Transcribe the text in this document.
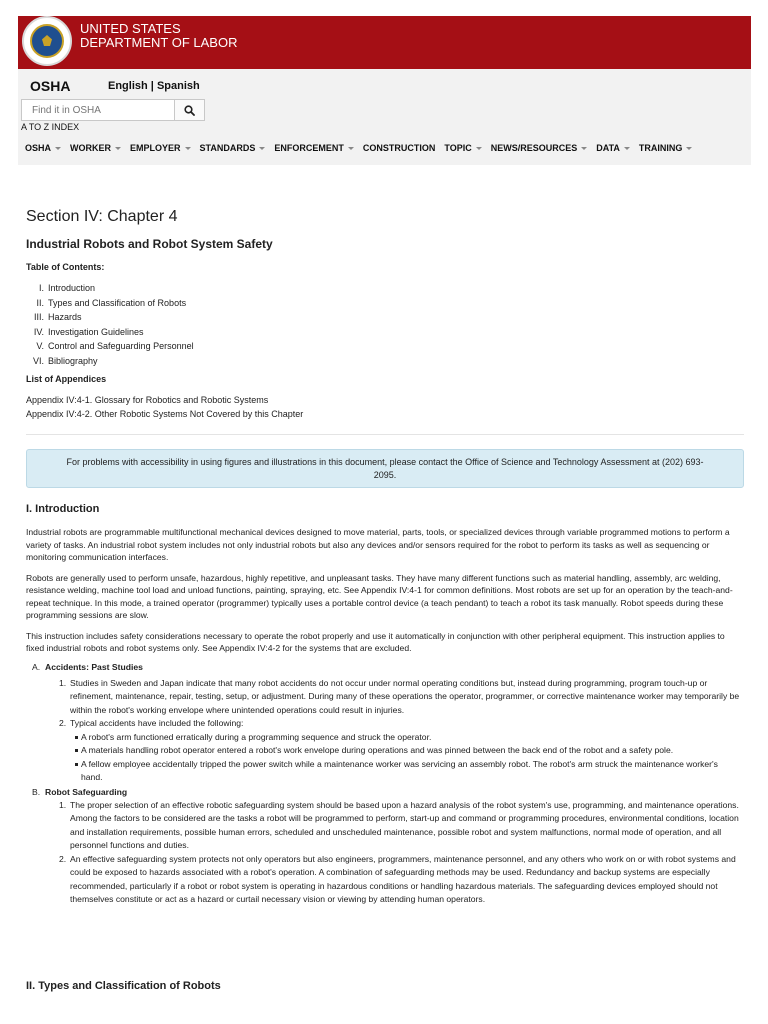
UNITED STATES
DEPARTMENT OF LABOR
OSHA	English | Spanish
Find it in OSHA
A TO Z INDEX
OSHA WORKER EMPLOYER STANDARDS ENFORCEMENT CONSTRUCTION TOPIC NEWS/RESOURCES DATA TRAINING
Section IV: Chapter 4
Industrial Robots and Robot System Safety
Table of Contents:
I. Introduction
II. Types and Classification of Robots
III. Hazards
IV. Investigation Guidelines
V. Control and Safeguarding Personnel
VI. Bibliography
List of Appendices
Appendix IV:4-1. Glossary for Robotics and Robotic Systems
Appendix IV:4-2. Other Robotic Systems Not Covered by this Chapter
For problems with accessibility in using figures and illustrations in this document, please contact the Office of Science and Technology Assessment at (202) 693-2095.
I. Introduction
Industrial robots are programmable multifunctional mechanical devices designed to move material, parts, tools, or specialized devices through variable programmed motions to perform a variety of tasks. An industrial robot system includes not only industrial robots but also any devices and/or sensors required for the robot to perform its tasks as well as sequencing or monitoring communication interfaces.
Robots are generally used to perform unsafe, hazardous, highly repetitive, and unpleasant tasks. They have many different functions such as material handling, assembly, arc welding, resistance welding, machine tool load and unload functions, painting, spraying, etc. See Appendix IV:4-1 for common definitions. Most robots are set up for an operation by the teach-and-repeat technique. In this mode, a trained operator (programmer) typically uses a portable control device (a teach pendant) to teach a robot its task manually. Robot speeds during these programming sessions are slow.
This instruction includes safety considerations necessary to operate the robot properly and use it automatically in conjunction with other peripheral equipment. This instruction applies to fixed industrial robots and robot systems only. See Appendix IV:4-2 for the systems that are excluded.
A. Accidents: Past Studies
1. Studies in Sweden and Japan indicate that many robot accidents do not occur under normal operating conditions but, instead during programming, program touch-up or refinement, maintenance, repair, testing, setup, or adjustment. During many of these operations the operator, programmer, or corrective maintenance worker may temporarily be within the robot's working envelope where unintended operations could result in injuries.
2. Typical accidents have included the following:
A robot's arm functioned erratically during a programming sequence and struck the operator.
A materials handling robot operator entered a robot's work envelope during operations and was pinned between the back end of the robot and a safety pole.
A fellow employee accidentally tripped the power switch while a maintenance worker was servicing an assembly robot. The robot's arm struck the maintenance worker's hand.
B. Robot Safeguarding
1. The proper selection of an effective robotic safeguarding system should be based upon a hazard analysis of the robot system's use, programming, and maintenance operations. Among the factors to be considered are the tasks a robot will be programmed to perform, start-up and command or programming procedures, environmental conditions, location and installation requirements, possible human errors, scheduled and unscheduled maintenance, possible robot and system malfunctions, normal mode of operation, and all personnel functions and duties.
2. An effective safeguarding system protects not only operators but also engineers, programmers, maintenance personnel, and any others who work on or with robot systems and could be exposed to hazards associated with a robot's operation. A combination of safeguarding methods may be used. Redundancy and backup systems are especially recommended, particularly if a robot or robot system is operating in hazardous conditions or handling hazardous materials. The safeguarding devices employed should not themselves constitute or act as a hazard or curtail necessary vision or viewing by attending human operators.
II. Types and Classification of Robots
